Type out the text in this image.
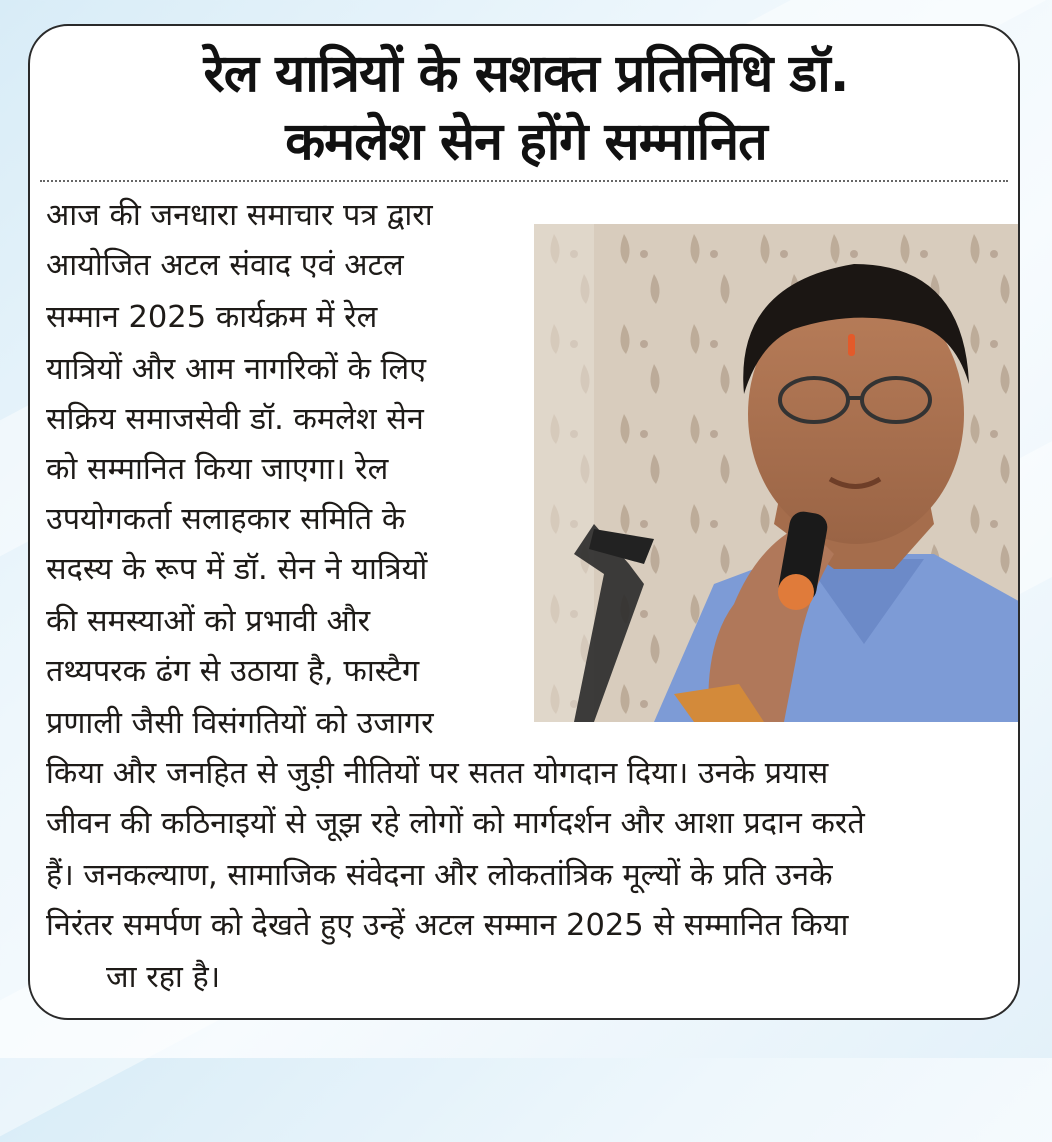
रेल यात्रियों के सशक्त प्रतिनिधि डॉ.
कमलेश सेन होंगे सम्मानित
आज की जनधारा समाचार पत्र द्वारा
आयोजित अटल संवाद एवं अटल
सम्मान 2025 कार्यक्रम में रेल
यात्रियों और आम नागरिकों के लिए
सक्रिय समाजसेवी डॉ. कमलेश सेन
को सम्मानित किया जाएगा। रेल
उपयोगकर्ता सलाहकार समिति के
सदस्य के रूप में डॉ. सेन ने यात्रियों
की समस्याओं को प्रभावी और
तथ्यपरक ढंग से उठाया है, फास्टैग
प्रणाली जैसी विसंगतियों को उजागर
किया और जनहित से जुड़ी नीतियों पर सतत योगदान दिया। उनके प्रयास
जीवन की कठिनाइयों से जूझ रहे लोगों को मार्गदर्शन और आशा प्रदान करते
हैं। जनकल्याण, सामाजिक संवेदना और लोकतांत्रिक मूल्यों के प्रति उनके
निरंतर समर्पण को देखते हुए उन्हें अटल सम्मान 2025 से सम्मानित किया
जा रहा है।
